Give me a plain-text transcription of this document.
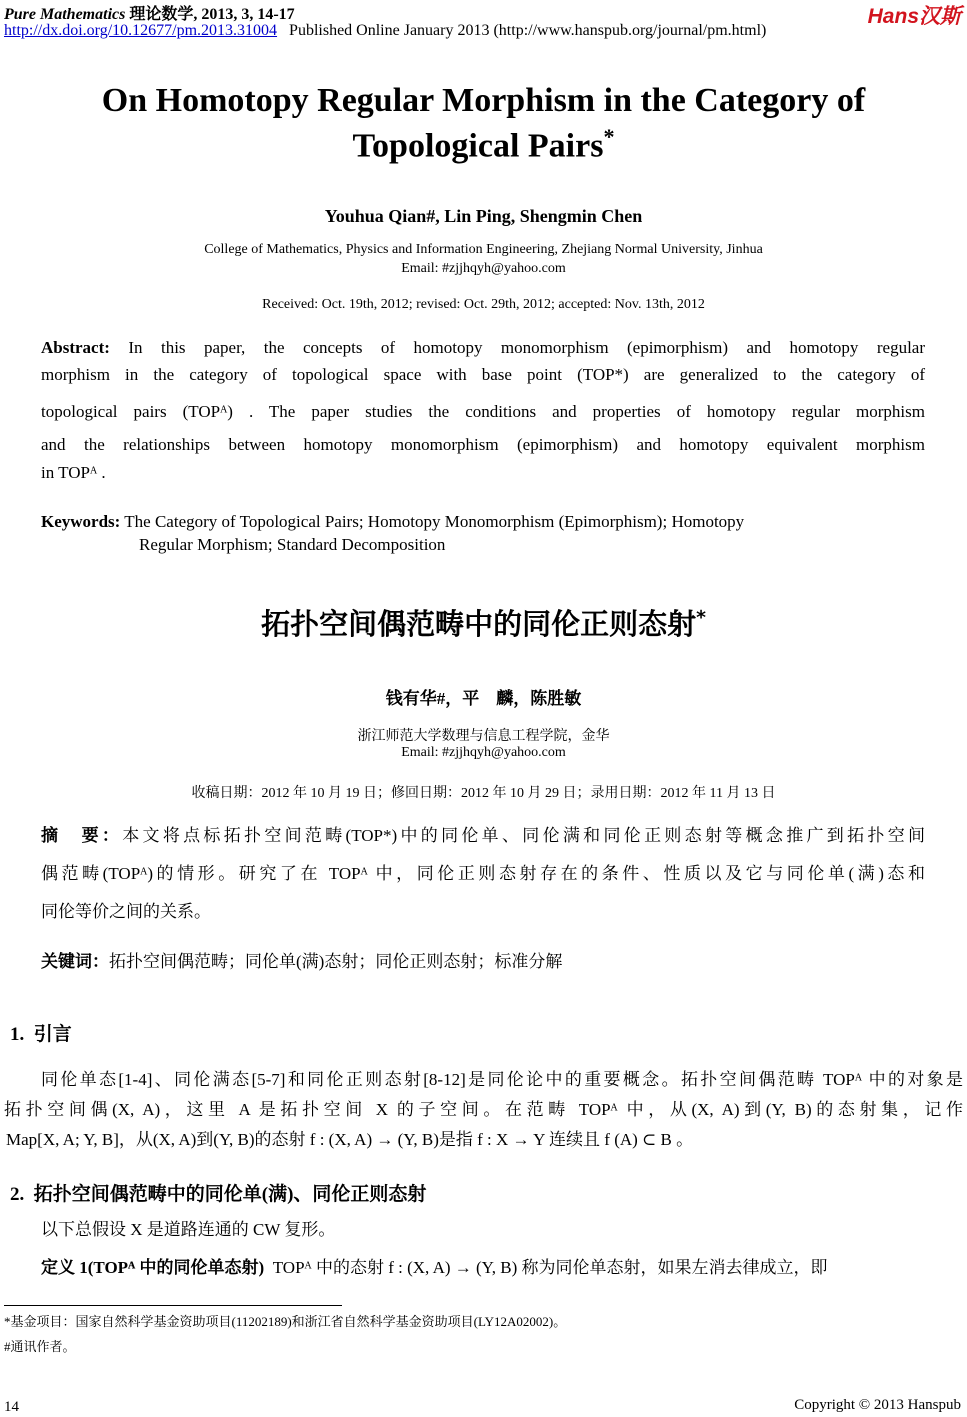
Pure Mathematics 理论数学, 2013, 3, 14-17
http://dx.doi.org/10.12677/pm.2013.31004 Published Online January 2013 (http://www.hanspub.org/journal/pm.html)
Hans汉斯
On Homotopy Regular Morphism in the Category of
Topological Pairs*
Youhua Qian#, Lin Ping, Shengmin Chen
College of Mathematics, Physics and Information Engineering, Zhejiang Normal University, Jinhua
Email: #zjjhqyh@yahoo.com
Received: Oct. 19th, 2012; revised: Oct. 29th, 2012; accepted: Nov. 13th, 2012
Abstract: In this paper, the concepts of homotopy monomorphism (epimorphism) and homotopy regular
morphism in the category of topological space with base point (TOP*) are generalized to the category of
topological pairs (TOPᴬ) . The paper studies the conditions and properties of homotopy regular morphism
and the relationships between homotopy monomorphism (epimorphism) and homotopy equivalent morphism
in TOPᴬ .
Keywords: The Category of Topological Pairs; Homotopy Monomorphism (Epimorphism); Homotopy
Regular Morphism; Standard Decomposition
拓扑空间偶范畴中的同伦正则态射*
钱有华#，平　麟，陈胜敏
浙江师范大学数理与信息工程学院，金华
Email: #zjjhqyh@yahoo.com
收稿日期：2012 年 10 月 19 日；修回日期：2012 年 10 月 29 日；录用日期：2012 年 11 月 13 日
摘　要：本文将点标拓扑空间范畴(TOP*)中的同伦单、同伦满和同伦正则态射等概念推广到拓扑空间
偶范畴(TOPᴬ)的情形。研究了在 TOPᴬ 中，同伦正则态射存在的条件、性质以及它与同伦单(满)态和
同伦等价之间的关系。
关键词：拓扑空间偶范畴；同伦单(满)态射；同伦正则态射；标准分解
1. 引言
同伦单态[1-4]、同伦满态[5-7]和同伦正则态射[8-12]是同伦论中的重要概念。拓扑空间偶范畴 TOPᴬ 中的对象是
拓扑空间偶(X, A)，这里 A 是拓扑空间 X 的子空间。在范畴 TOPᴬ 中，从(X, A)到(Y, B)的态射集，记作
Map[X, A; Y, B]，从(X, A)到(Y, B)的态射 f : (X, A) → (Y, B)是指 f : X → Y 连续且 f (A) ⊂ B 。
2. 拓扑空间偶范畴中的同伦单(满)、同伦正则态射
以下总假设 X 是道路连通的 CW 复形。
定义 1(TOPᴬ 中的同伦单态射) TOPᴬ 中的态射 f : (X, A) → (Y, B) 称为同伦单态射，如果左消去律成立，即
*基金项目：国家自然科学基金资助项目(11202189)和浙江省自然科学基金资助项目(LY12A02002)。
#通讯作者。
14	Copyright © 2013 Hanspub
